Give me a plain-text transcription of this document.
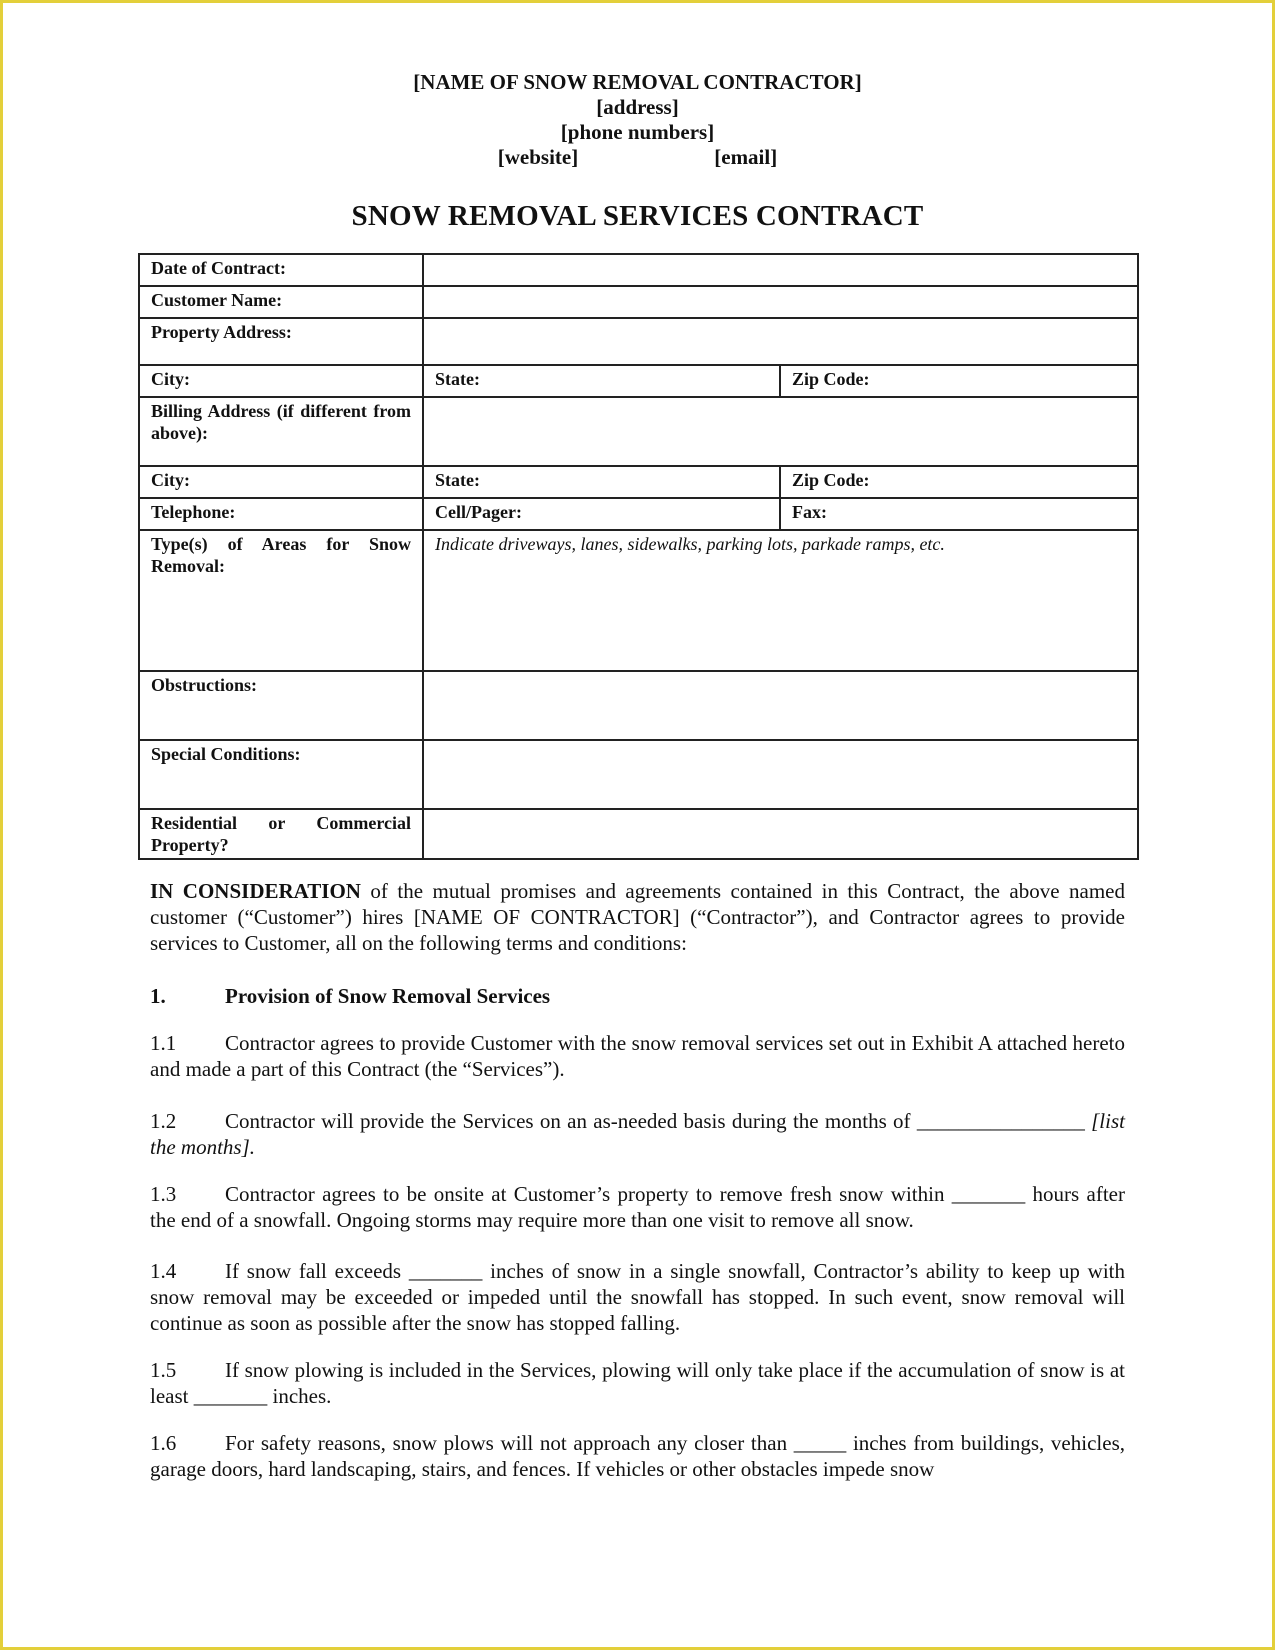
[NAME OF SNOW REMOVAL CONTRACTOR]
[address]
[phone numbers]
[website]	[email]
SNOW REMOVAL SERVICES CONTRACT
Date of Contract:		
Customer Name:		
Property Address:		
City:	State:	Zip Code:
Billing Address (if different from above):		
City:	State:	Zip Code:
Telephone:	Cell/Pager:	Fax:
Type(s) of Areas for Snow Removal:	Indicate driveways, lanes, sidewalks, parking lots, parkade ramps, etc.	
Obstructions:		
Special Conditions:		
Residential or Commercial Property?		
IN CONSIDERATION of the mutual promises and agreements contained in this Contract, the above named customer (“Customer”) hires [NAME OF CONTRACTOR] (“Contractor”), and Contractor agrees to provide services to Customer, all on the following terms and conditions:
1.	Provision of Snow Removal Services
1.1 Contractor agrees to provide Customer with the snow removal services set out in Exhibit A attached hereto and made a part of this Contract (the “Services”).
1.2 Contractor will provide the Services on an as-needed basis during the months of ________________ [list the months].
1.3 Contractor agrees to be onsite at Customer’s property to remove fresh snow within _______ hours after the end of a snowfall. Ongoing storms may require more than one visit to remove all snow.
1.4 If snow fall exceeds _______ inches of snow in a single snowfall, Contractor’s ability to keep up with snow removal may be exceeded or impeded until the snowfall has stopped. In such event, snow removal will continue as soon as possible after the snow has stopped falling.
1.5 If snow plowing is included in the Services, plowing will only take place if the accumulation of snow is at least _______ inches.
1.6 For safety reasons, snow plows will not approach any closer than _____ inches from buildings, vehicles, garage doors, hard landscaping, stairs, and fences. If vehicles or other obstacles impede snow
